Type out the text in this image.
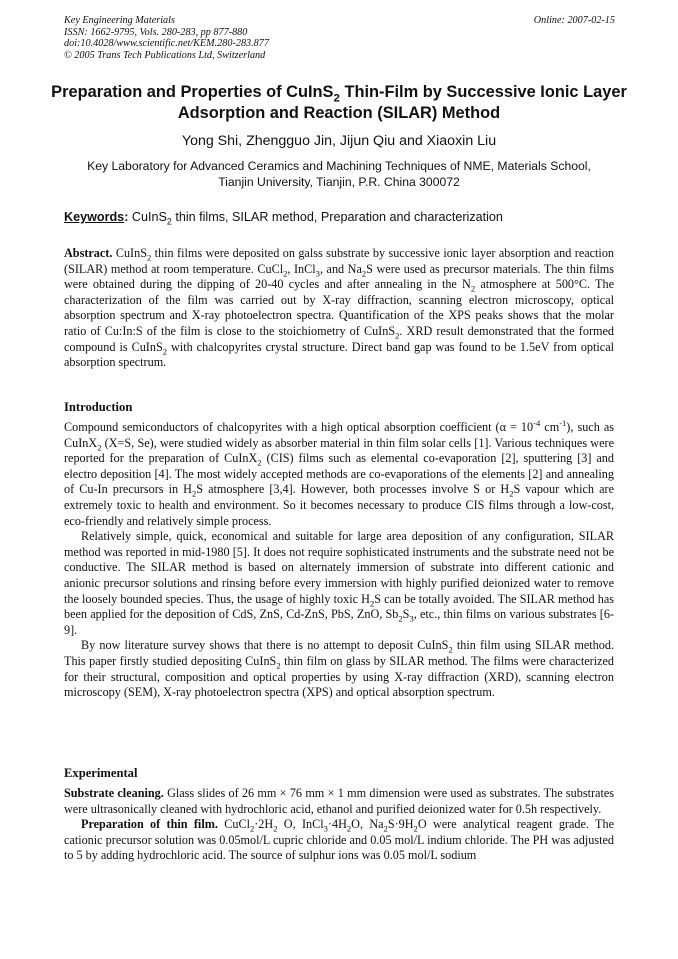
Key Engineering Materials
ISSN: 1662-9795, Vols. 280-283, pp 877-880
doi:10.4028/www.scientific.net/KEM.280-283.877
© 2005 Trans Tech Publications Ltd, Switzerland
Online: 2007-02-15
Preparation and Properties of CuInS$_2$ Thin-Film by Successive Ionic Layer Adsorption and Reaction (SILAR) Method
Yong Shi, Zhengguo Jin, Jijun Qiu and Xiaoxin Liu
Key Laboratory for Advanced Ceramics and Machining Techniques of NME, Materials School,
Tianjin University, Tianjin, P.R. China 300072
Keywords: CuInS$_2$ thin films, SILAR method, Preparation and characterization

Abstract. CuInS$_2$ thin films were deposited on galss substrate by successive ionic layer absorption and reaction (SILAR) method at room temperature. CuCl$_2$, InCl$_3$, and $Na_2S$ were used as precursor materials. The thin films were obtained during the dipping of 20-40 cycles and after annealing in the $N_2$ atmosphere at 500°C. The characterization of the film was carried out by X-ray diffraction, scanning electron microscopy, optical absorption spectrum and X-ray photoelectron spectra. Quantification of the XPS peaks shows that the molar ratio of Cu:In:S of the film is close to the stoichiometry of CuInS$_2$. XRD result demonstrated that the formed compound is CuInS$_2$ with chalcopyrites crystal structure. Direct band gap was found to be 1.5eV from optical absorption spectrum.

Introduction

Compound semiconductors of chalcopyrites with a high optical absorption coefficient ($\alpha = 10^{-4}$ $cm^{-1}$), such as CuInX$_2$ (X=S, Se), were studied widely as absorber material in thin film solar cells [1]. Various techniques were reported for the preparation of CuInX$_2$ (CIS) films such as elemental co-evaporation [2], sputtering [3] and electro deposition [4]. The most widely accepted methods are co-evaporations of the elements [2] and annealing of Cu-In precursors in $H_2S$ atmosphere [3,4]. However, both processes involve S or $H_2S$ vapour which are extremely toxic to health and environment. So it becomes necessary to produce CIS films through a low-cost, eco-friendly and relatively simple process.

Relatively simple, quick, economical and suitable for large area deposition of any configuration, SILAR method was reported in mid-1980 [5]. It does not require sophisticated instruments and the substrate need not be conductive. The SILAR method is based on alternately immersion of substrate into different cationic and anionic precursor solutions and rinsing before every immersion with highly purified deionized water to remove the loosely bounded species. Thus, the usage of highly toxic $H_2S$ can be totally avoided. The SILAR method has been applied for the deposition of CdS, ZnS, Cd-ZnS, PbS, ZnO, $Sb_2S_3$, etc., thin films on various substrates [6-9].

By now literature survey shows that there is no attempt to deposit CuInS$_2$ thin film using SILAR method. This paper firstly studied depositing CuInS$_2$ thin film on glass by SILAR method. The films were characterized for their structural, composition and optical properties by using X-ray diffraction (XRD), scanning electron microscopy (SEM), X-ray photoelectron spectra (XPS) and optical absorption spectrum.

Experimental

Substrate cleaning. Glass slides of 26 mm × 76 mm × 1 mm dimension were used as substrates. The substrates were ultrasonically cleaned with hydrochloric acid, ethanol and purified deionized water for 0.5h respectively.

Preparation of thin film. $CuCl_2\cdot 2H_2$ O, $InCl_3\cdot 4H_2O$, $Na_2S\cdot 9H_2O$ were analytical reagent grade. The cationic precursor solution was 0.05mol/L cupric chloride and 0.05 mol/L indium chloride. The PH was adjusted to 5 by adding hydrochloric acid. The source of sulphur ions was 0.05 mol/L sodium
